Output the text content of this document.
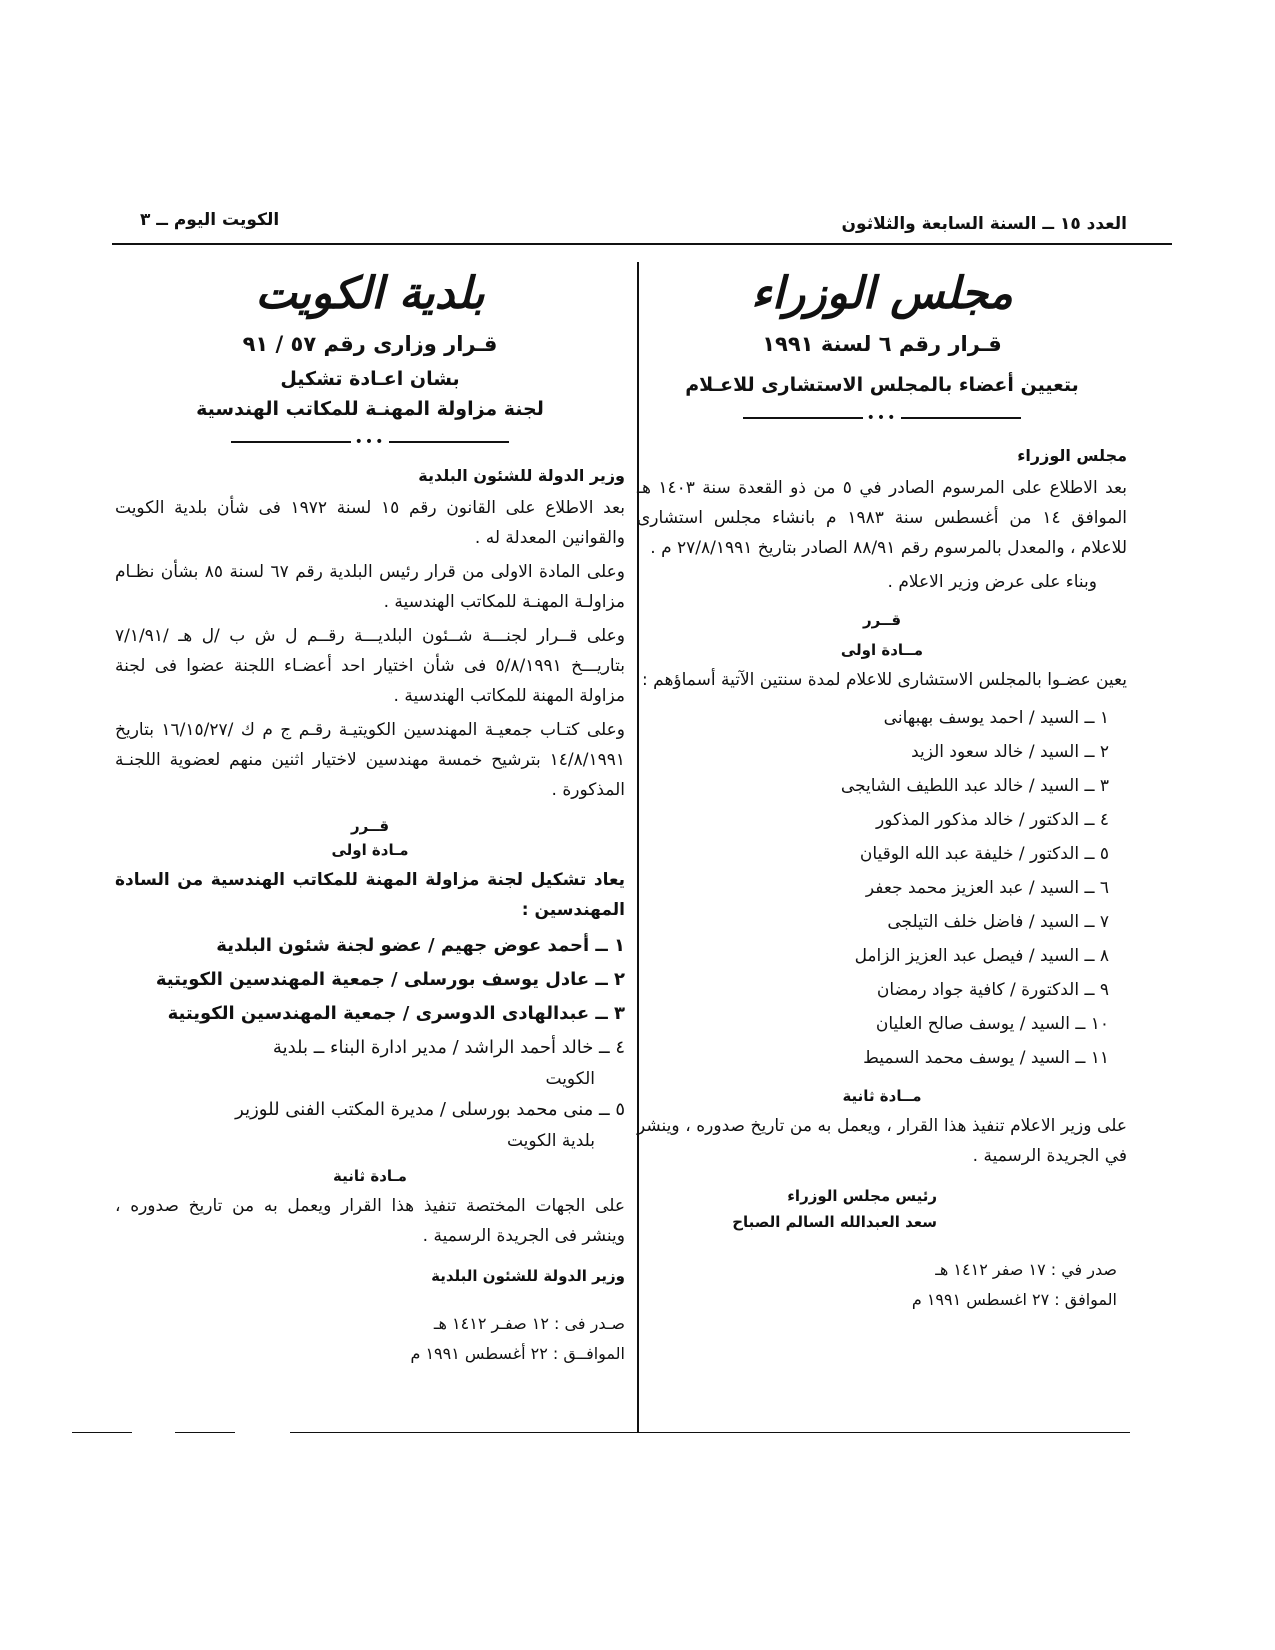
العدد ١٥ ــ السنة السابعة والثلاثون
الكويت اليوم ــ ٣
مجلس الوزراء
قـرار رقم ٦ لسنة ١٩٩١
بتعيين أعضاء بالمجلس الاستشارى للاعـلام
•••
مجلس الوزراء

بعد الاطلاع على المرسوم الصادر في ٥ من ذو القعدة سنة ١٤٠٣ هـ الموافق ١٤ من أغسطس سنة ١٩٨٣ م بانشاء مجلس استشارى للاعلام ، والمعدل بالمرسوم رقم ٨٨/٩١ الصادر بتاريخ ٢٧/٨/١٩٩١ م .

وبناء على عرض وزير الاعلام .

قــرر
مــادة اولى

يعين عضـوا بالمجلس الاستشارى للاعلام لمدة سنتين الآتية أسماؤهم :

١ ــ السيد / احمد يوسف بهبهانى
٢ ــ السيد / خالد سعود الزيد
٣ ــ السيد / خالد عبد اللطيف الشايجى
٤ ــ الدكتور / خالد مذكور المذكور
٥ ــ الدكتور / خليفة عبد الله الوقيان
٦ ــ السيد / عبد العزيز محمد جعفر
٧ ــ السيد / فاضل خلف التيلجى
٨ ــ السيد / فيصل عبد العزيز الزامل
٩ ــ الدكتورة / كافية جواد رمضان
١٠ ــ السيد / يوسف صالح العليان
١١ ــ السيد / يوسف محمد السميط
مــادة ثانية

على وزير الاعلام تنفيذ هذا القرار ، ويعمل به من تاريخ صدوره ، وينشر في الجريدة الرسمية .

رئيس مجلس الوزراء
سعد العبدالله السالم الصباح
صدر في : ١٧ صفر ١٤١٢ هـ
الموافق : ٢٧ اغسطس ١٩٩١ م
بلدية الكويت
قـرار وزارى رقم ٥٧ / ٩١
بشان اعـادة تشكيل
لجنة مزاولة المهنـة للمكاتب الهندسية
•••
وزير الدولة للشئون البلدية

بعد الاطلاع على القانون رقم ١٥ لسنة ١٩٧٢ فى شأن بلدية الكويت والقوانين المعدلة له .

وعلى المادة الاولى من قرار رئيس البلدية رقم ٦٧ لسنة ٨٥ بشأن نظـام مزاولـة المهنـة للمكاتب الهندسية .

وعلى قــرار لجنـــة شــئون البلديـــة رقــم ل ش ب /ل هـ /٧/١/٩١ بتاريـــخ ٥/٨/١٩٩١ فى شأن اختيار احد أعضـاء اللجنة عضوا فى لجنة مزاولة المهنة للمكاتب الهندسية .

وعلى كتـاب جمعيـة المهندسين الكويتيـة رقـم ج م ك /١٦/١٥/٢٧ بتاريخ ١٤/٨/١٩٩١ بترشيح خمسة مهندسين لاختيار اثنين منهم لعضوية اللجنـة المذكورة .

قــرر
مـادة اولى

يعاد تشكيل لجنة مزاولة المهنة للمكاتب الهندسية من السادة المهندسين :

١ ــ أحمد عوض جهيم / عضو لجنة شئون البلدية
٢ ــ عادل يوسف بورسلى / جمعية المهندسين الكويتية
٣ ــ عبدالهادى الدوسرى / جمعية المهندسين الكويتية
٤ ــ خالد أحمد الراشد / مدير ادارة البناء ــ بلدية
الكويت
٥ ــ منى محمد بورسلى / مديرة المكتب الفنى للوزير
بلدية الكويت
مـادة ثانية

على الجهات المختصة تنفيذ هذا القرار ويعمل به من تاريخ صدوره ، وينشر فى الجريدة الرسمية .

وزير الدولة للشئون البلدية
صـدر فى : ١٢ صفـر ١٤١٢ هـ
الموافــق : ٢٢ أغسطس ١٩٩١ م
